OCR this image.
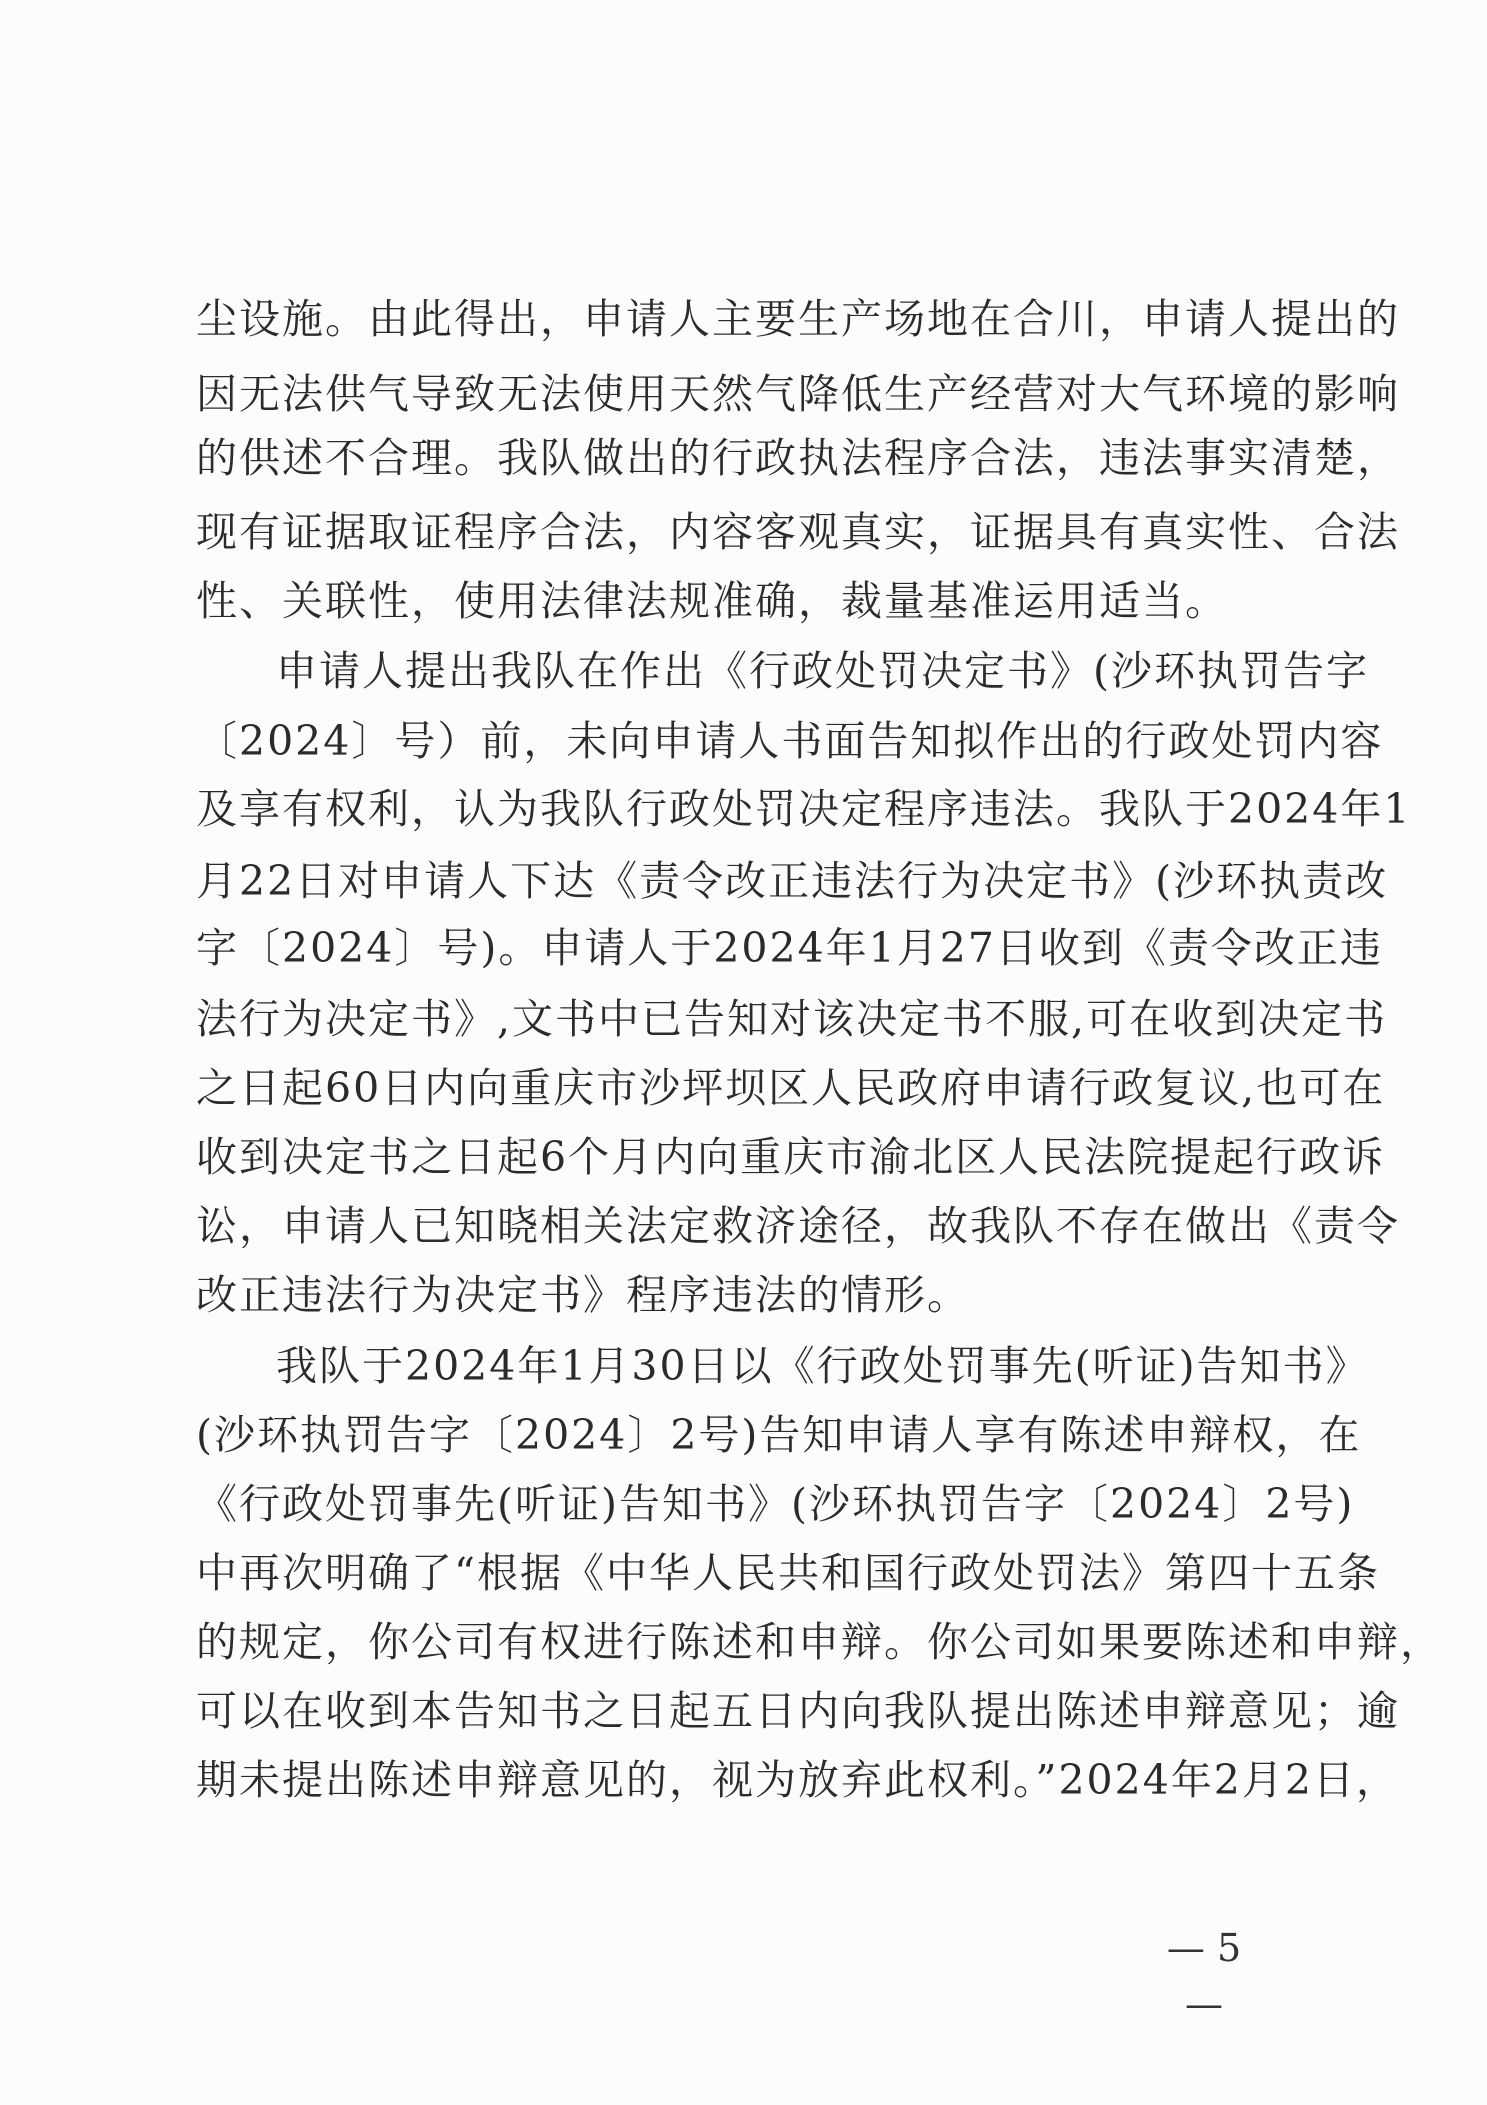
尘设施。由此得出，申请人主要生产场地在合川，申请人提出的
因无法供气导致无法使用天然气降低生产经营对大气环境的影响
的供述不合理。我队做出的行政执法程序合法，违法事实清楚，
现有证据取证程序合法，内容客观真实，证据具有真实性、合法
性、关联性，使用法律法规准确，裁量基准运用适当。
申请人提出我队在作出《行政处罚决定书》(沙环执罚告字
〔2024〕 号）前，未向申请人书面告知拟作出的行政处罚内容
及享有权利，认为我队行政处罚决定程序违法。我队于2024年1
月22日对申请人下达《责令改正违法行为决定书》(沙环执责改
字〔2024〕 号)。申请人于2024年1月27日收到《责令改正违
法行为决定书》,文书中已告知对该决定书不服,可在收到决定书
之日起60日内向重庆市沙坪坝区人民政府申请行政复议,也可在
收到决定书之日起6个月内向重庆市渝北区人民法院提起行政诉
讼，申请人已知晓相关法定救济途径，故我队不存在做出《责令
改正违法行为决定书》程序违法的情形。
我队于2024年1月30日以《行政处罚事先(听证)告知书》
(沙环执罚告字〔2024〕 2号)告知申请人享有陈述申辩权，在
《行政处罚事先(听证)告知书》(沙环执罚告字〔2024〕 2号)
中再次明确了“根据《中华人民共和国行政处罚法》第四十五条
的规定，你公司有权进行陈述和申辩。你公司如果要陈述和申辩，
可以在收到本告知书之日起五日内向我队提出陈述申辩意见；逾
期未提出陈述申辩意见的，视为放弃此权利。”2024年2月2日，
— 5 —
